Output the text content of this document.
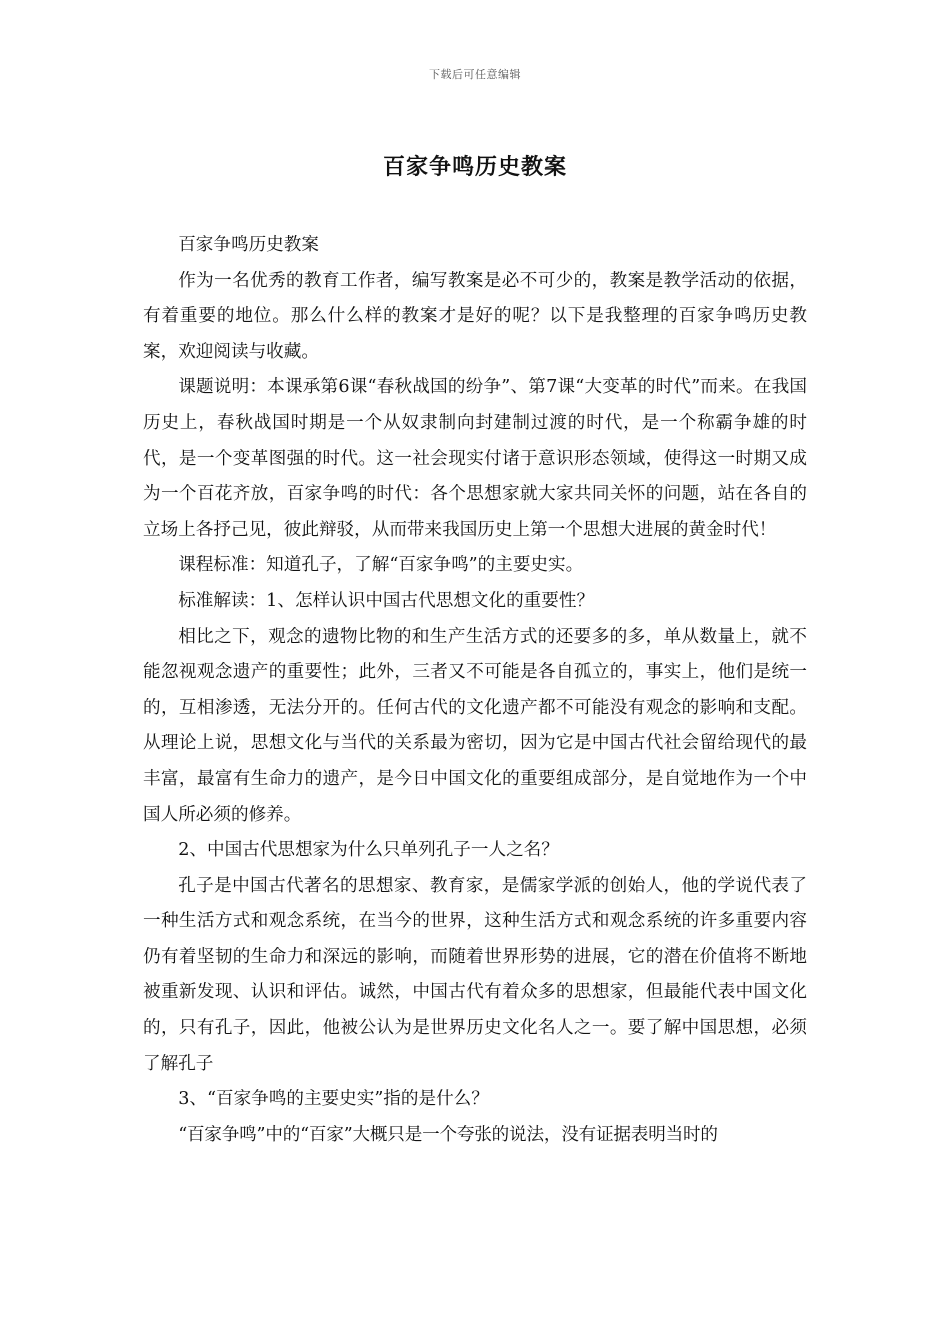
下载后可任意编辑
百家争鸣历史教案

百家争鸣历史教案

作为一名优秀的教育工作者，编写教案是必不可少的，教案是教学活动的依据，有着重要的地位。那么什么样的教案才是好的呢？以下是我整理的百家争鸣历史教案，欢迎阅读与收藏。

课题说明：本课承第6课“春秋战国的纷争”、第7课“大变革的时代”而来。在我国历史上，春秋战国时期是一个从奴隶制向封建制过渡的时代，是一个称霸争雄的时代，是一个变革图强的时代。这一社会现实付诸于意识形态领域，使得这一时期又成为一个百花齐放，百家争鸣的时代：各个思想家就大家共同关怀的问题，站在各自的立场上各抒己见，彼此辩驳，从而带来我国历史上第一个思想大进展的黄金时代！

课程标准：知道孔子，了解“百家争鸣”的主要史实。

标准解读：1、怎样认识中国古代思想文化的重要性？

相比之下，观念的遗物比物的和生产生活方式的还要多的多，单从数量上，就不能忽视观念遗产的重要性；此外，三者又不可能是各自孤立的，事实上，他们是统一的，互相渗透，无法分开的。任何古代的文化遗产都不可能没有观念的影响和支配。从理论上说，思想文化与当代的关系最为密切，因为它是中国古代社会留给现代的最丰富，最富有生命力的遗产，是今日中国文化的重要组成部分，是自觉地作为一个中国人所必须的修养。

2、中国古代思想家为什么只单列孔子一人之名？

孔子是中国古代著名的思想家、教育家，是儒家学派的创始人，他的学说代表了一种生活方式和观念系统，在当今的世界，这种生活方式和观念系统的许多重要内容仍有着坚韧的生命力和深远的影响，而随着世界形势的进展，它的潜在价值将不断地被重新发现、认识和评估。诚然，中国古代有着众多的思想家，但最能代表中国文化的，只有孔子，因此，他被公认为是世界历史文化名人之一。要了解中国思想，必须了解孔子

3、“百家争鸣的主要史实”指的是什么？

“百家争鸣”中的“百家”大概只是一个夸张的说法，没有证据表明当时的
